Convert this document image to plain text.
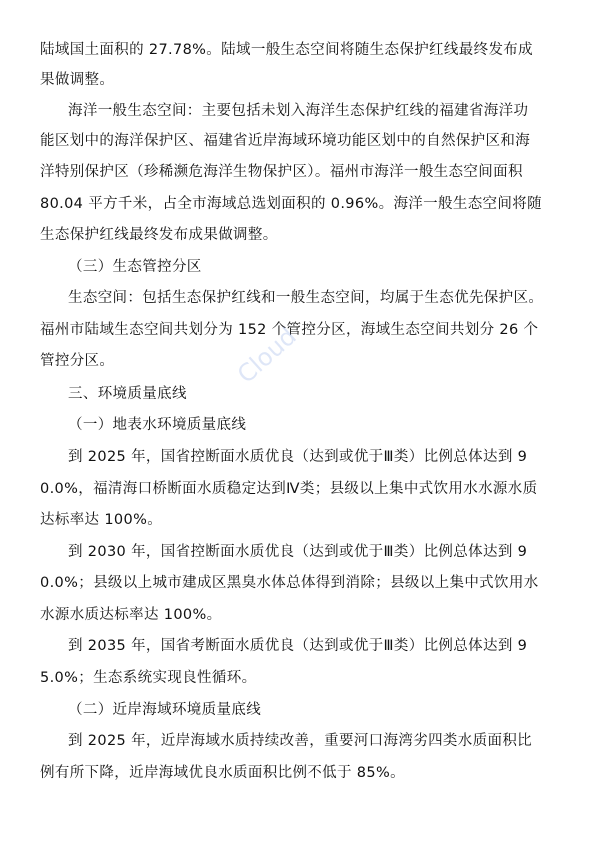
陆域国土面积的 27.78%。陆域一般生态空间将随生态保护红线最终发布成
果做调整。
海洋一般生态空间：主要包括未划入海洋生态保护红线的福建省海洋功
能区划中的海洋保护区、福建省近岸海域环境功能区划中的自然保护区和海
洋特别保护区（珍稀濒危海洋生物保护区）。福州市海洋一般生态空间面积
80.04 平方千米，占全市海域总选划面积的 0.96%。海洋一般生态空间将随
生态保护红线最终发布成果做调整。
（三）生态管控分区
生态空间：包括生态保护红线和一般生态空间，均属于生态优先保护区。
福州市陆域生态空间共划分为 152 个管控分区，海域生态空间共划分 26 个
管控分区。
三、环境质量底线
（一）地表水环境质量底线
到 2025 年，国省控断面水质优良（达到或优于Ⅲ类）比例总体达到 9
0.0%，福清海口桥断面水质稳定达到Ⅳ类；县级以上集中式饮用水水源水质
达标率达 100%。
到 2030 年，国省控断面水质优良（达到或优于Ⅲ类）比例总体达到 9
0.0%；县级以上城市建成区黑臭水体总体得到消除；县级以上集中式饮用水
水源水质达标率达 100%。
到 2035 年，国省考断面水质优良（达到或优于Ⅲ类）比例总体达到 9
5.0%；生态系统实现良性循环。
（二）近岸海域环境质量底线
到 2025 年，近岸海域水质持续改善，重要河口海湾劣四类水质面积比
例有所下降，近岸海域优良水质面积比例不低于 85%。
Cloud
